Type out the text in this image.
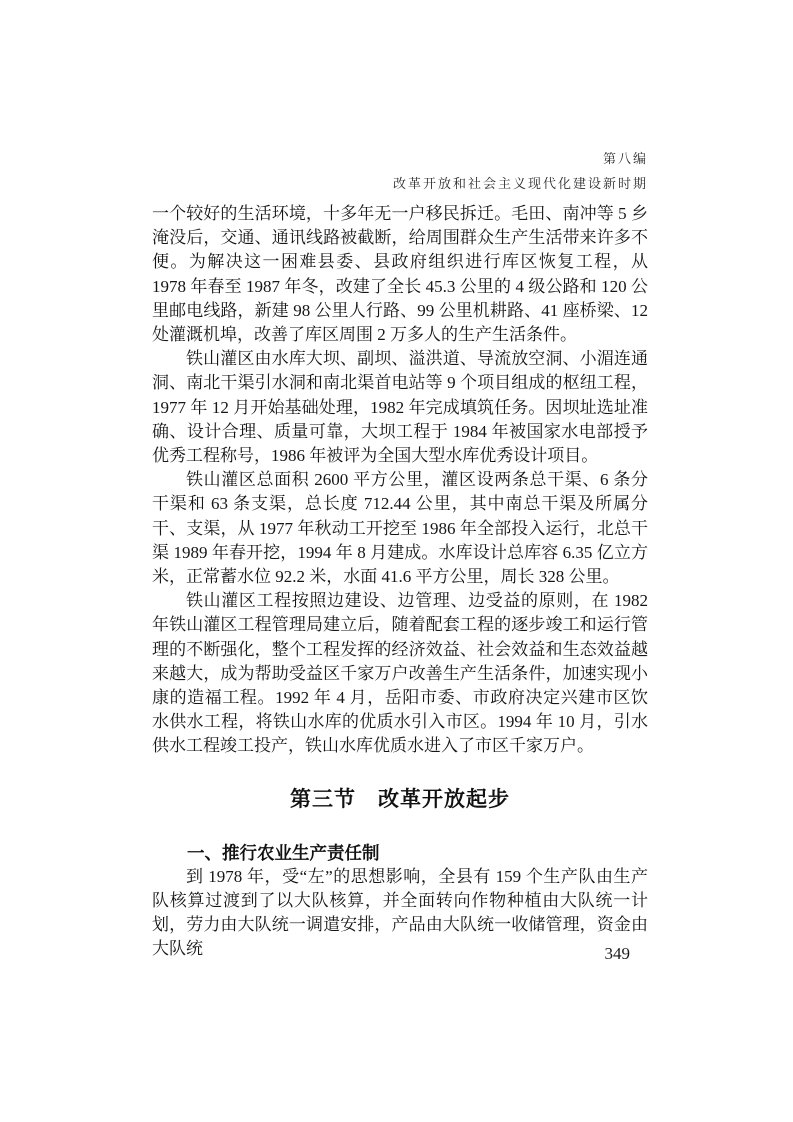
第八编
改革开放和社会主义现代化建设新时期

一个较好的生活环境，十多年无一户移民拆迁。毛田、南冲等 5 乡淹没后，交通、通讯线路被截断，给周围群众生产生活带来许多不便。为解决这一困难县委、县政府组织进行库区恢复工程，从 1978 年春至 1987 年冬，改建了全长 45.3 公里的 4 级公路和 120 公里邮电线路，新建 98 公里人行路、99 公里机耕路、41 座桥梁、12 处灌溉机埠，改善了库区周围 2 万多人的生产生活条件。

铁山灌区由水库大坝、副坝、溢洪道、导流放空洞、小湄连通洞、南北干渠引水洞和南北渠首电站等 9 个项目组成的枢纽工程，1977 年 12 月开始基础处理，1982 年完成填筑任务。因坝址选址准确、设计合理、质量可靠，大坝工程于 1984 年被国家水电部授予优秀工程称号，1986 年被评为全国大型水库优秀设计项目。

铁山灌区总面积 2600 平方公里，灌区设两条总干渠、6 条分干渠和 63 条支渠，总长度 712.44 公里，其中南总干渠及所属分干、支渠，从 1977 年秋动工开挖至 1986 年全部投入运行，北总干渠 1989 年春开挖，1994 年 8 月建成。水库设计总库容 6.35 亿立方米，正常蓄水位 92.2 米，水面 41.6 平方公里，周长 328 公里。

铁山灌区工程按照边建设、边管理、边受益的原则，在 1982 年铁山灌区工程管理局建立后，随着配套工程的逐步竣工和运行管理的不断强化，整个工程发挥的经济效益、社会效益和生态效益越来越大，成为帮助受益区千家万户改善生产生活条件，加速实现小康的造福工程。1992 年 4 月，岳阳市委、市政府决定兴建市区饮水供水工程，将铁山水库的优质水引入市区。1994 年 10 月，引水供水工程竣工投产，铁山水库优质水进入了市区千家万户。

第三节　改革开放起步
一、推行农业生产责任制

到 1978 年，受“左”的思想影响，全县有 159 个生产队由生产队核算过渡到了以大队核算，并全面转向作物种植由大队统一计划，劳力由大队统一调遣安排，产品由大队统一收储管理，资金由大队统	349
